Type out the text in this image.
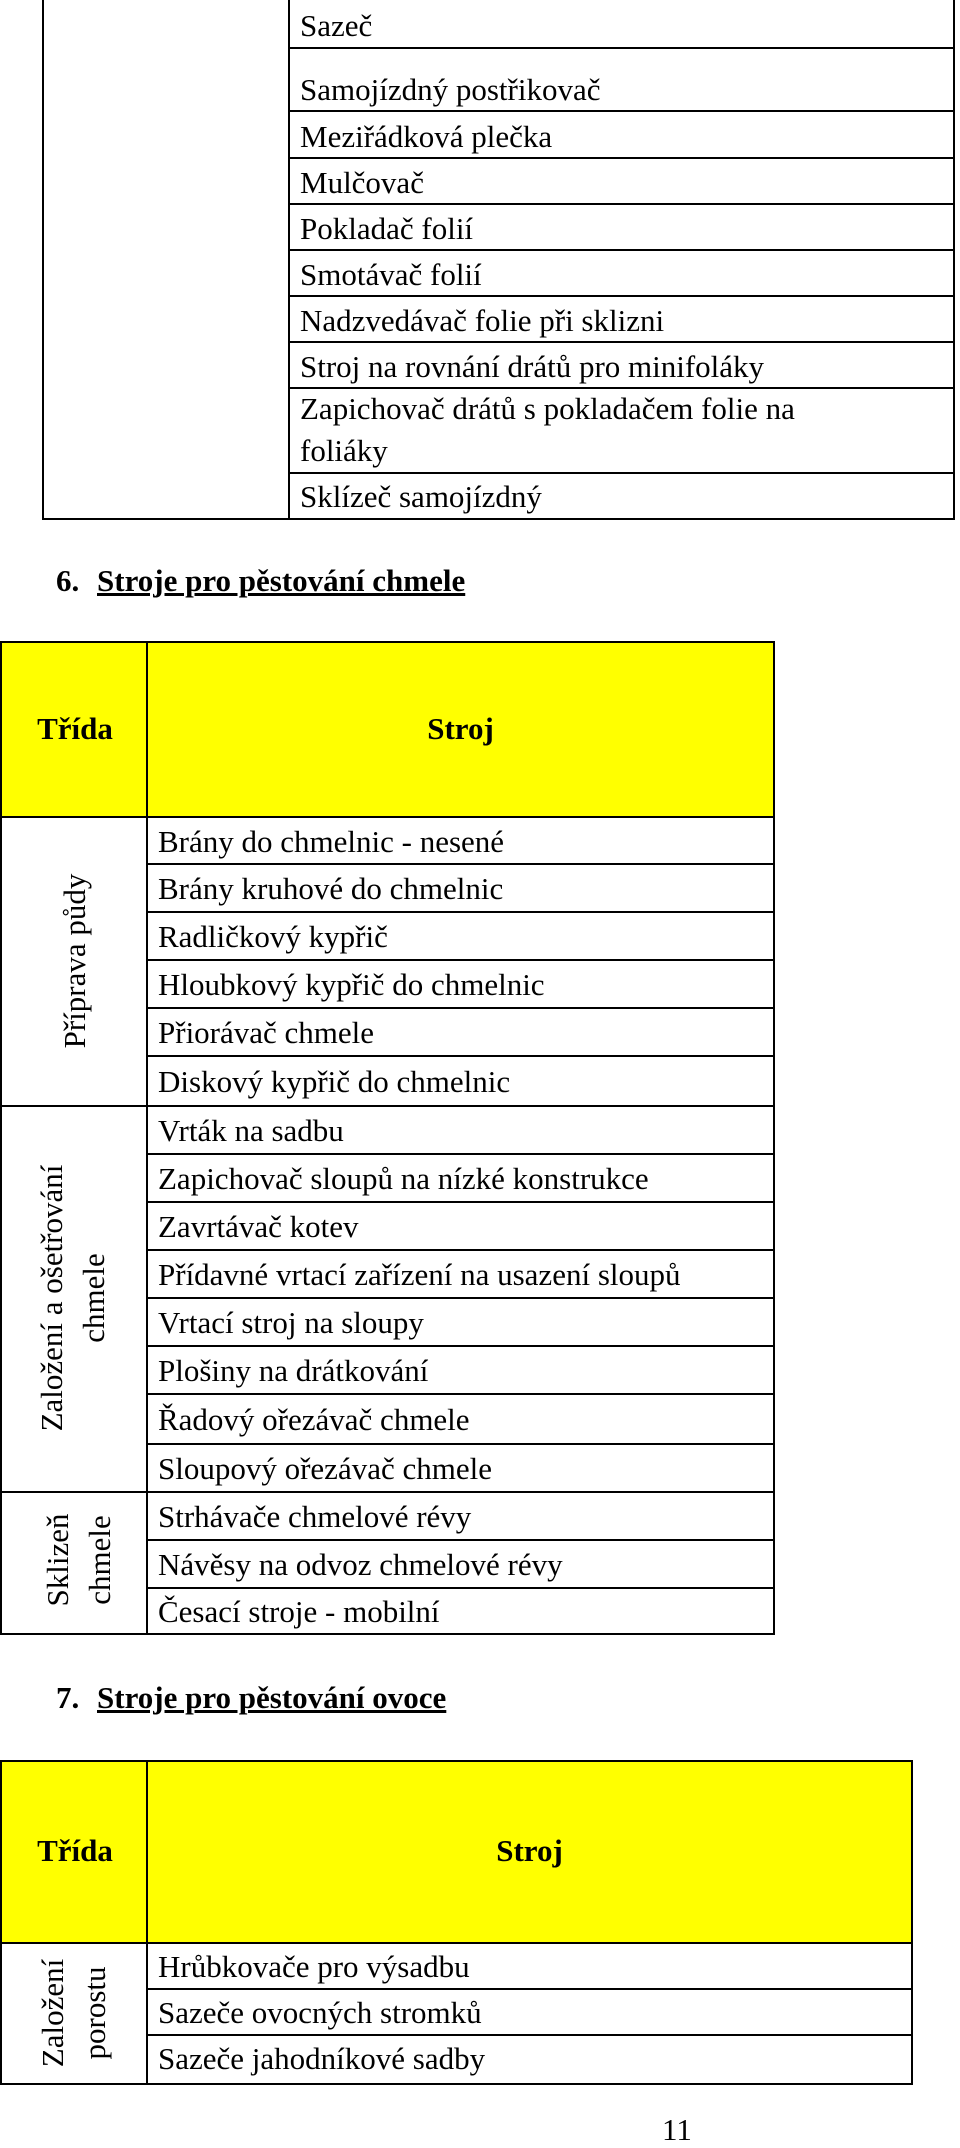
Sazeč
Samojízdný postřikovač
Meziřádková plečka
Mulčovač
Pokladač folií
Smotávač folií
Nadzvedávač folie při sklizni
Stroj na rovnání drátů pro minifoláky
Zapichovač drátů s pokladačem folie na
foliáky
Sklízeč samojízdný
6. Stroje pro pěstování chmele
Třída	Stroj
Příprava půdy
Založení a ošetřování chmele
Sklizeň chmele
Brány do chmelnic - nesené
Brány kruhové do chmelnic
Radličkový kypřič
Hloubkový kypřič do chmelnic
Přiorávač chmele
Diskový kypřič do chmelnic
Vrták na sadbu
Zapichovač sloupů na nízké konstrukce
Zavrtávač kotev
Přídavné vrtací zařízení na usazení sloupů
Vrtací stroj na sloupy
Plošiny na drátkování
Řadový ořezávač chmele
Sloupový ořezávač chmele
Strhávače chmelové révy
Návěsy na odvoz chmelové révy
Česací stroje - mobilní
7. Stroje pro pěstování ovoce
Třída	Stroj
Založení porostu Hrůbkovače pro výsadbu
Sazeče ovocných stromků
Sazeče jahodníkové sadby
11
